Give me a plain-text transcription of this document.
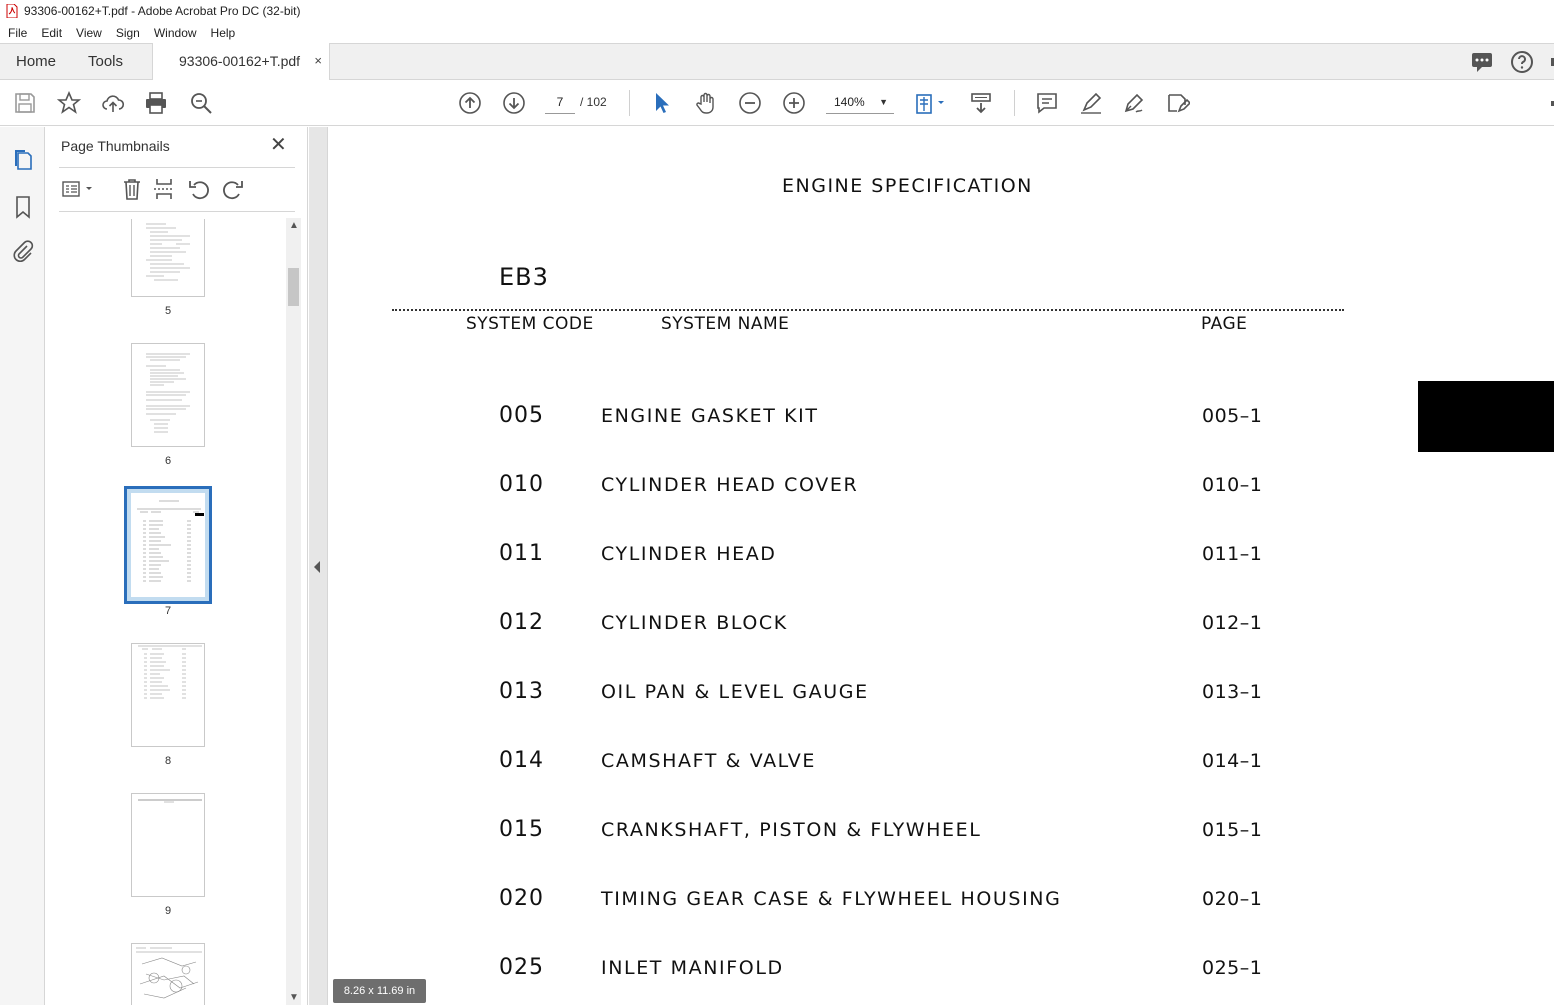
93306-00162+T.pdf - Adobe Acrobat Pro DC (32-bit)
File	Edit	View	Sign	Window	Help
Home Tools	93306-00162+T.pdf ×
7	/ 102	140% ▼
Page Thumbnails	✕
5
6
7
8
9
▲
▼
ENGINE SPECIFICATION
EB3
SYSTEM CODE	SYSTEM NAME	PAGE
005	ENGINE GASKET KIT	005–1
010	CYLINDER HEAD COVER	010–1
011	CYLINDER HEAD	011–1
012	CYLINDER BLOCK	012–1
013	OIL PAN & LEVEL GAUGE	013–1
014	CAMSHAFT & VALVE	014–1
015	CRANKSHAFT, PISTON & FLYWHEEL	015–1
020	TIMING GEAR CASE & FLYWHEEL HOUSING	020–1
025	INLET MANIFOLD	025–1
8.26 x 11.69 in
